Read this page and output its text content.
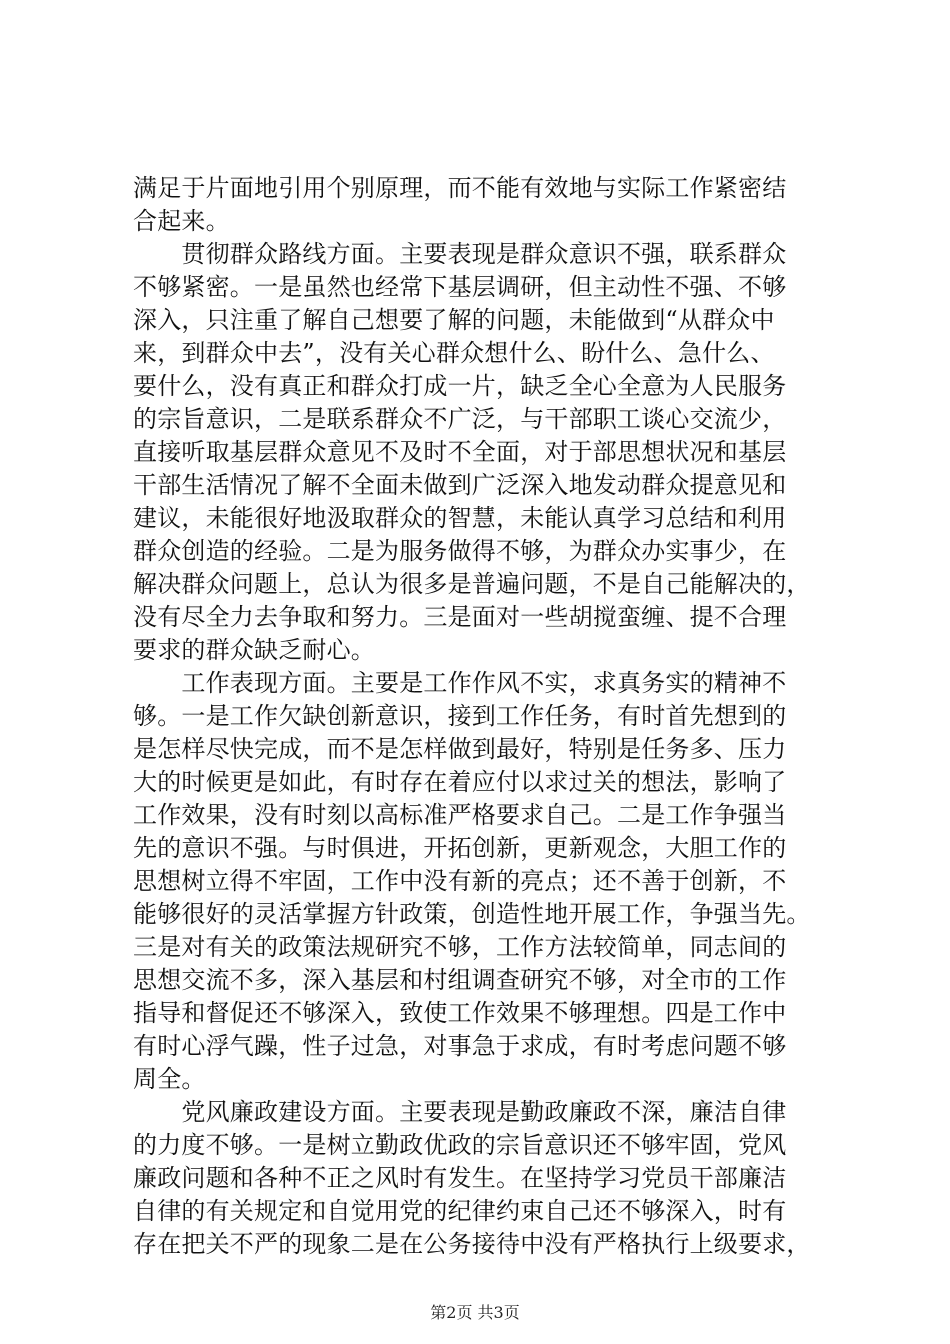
满足于片面地引用个别原理，而不能有效地与实际工作紧密结
合起来。
　　贯彻群众路线方面。主要表现是群众意识不强，联系群众
不够紧密。一是虽然也经常下基层调研，但主动性不强、不够
深入，只注重了解自己想要了解的问题，未能做到“从群众中
来，到群众中去”，没有关心群众想什么、盼什么、急什么、
要什么，没有真正和群众打成一片，缺乏全心全意为人民服务
的宗旨意识，二是联系群众不广泛，与干部职工谈心交流少，
直接听取基层群众意见不及时不全面，对于部思想状况和基层
干部生活情况了解不全面未做到广泛深入地发动群众提意见和
建议，未能很好地汲取群众的智慧，未能认真学习总结和利用
群众创造的经验。二是为服务做得不够，为群众办实事少，在
解决群众问题上，总认为很多是普遍问题，不是自己能解决的，
没有尽全力去争取和努力。三是面对一些胡搅蛮缠、提不合理
要求的群众缺乏耐心。
　　工作表现方面。主要是工作作风不实，求真务实的精神不
够。一是工作欠缺创新意识，接到工作任务，有时首先想到的
是怎样尽快完成，而不是怎样做到最好，特别是任务多、压力
大的时候更是如此，有时存在着应付以求过关的想法，影响了
工作效果，没有时刻以高标准严格要求自己。二是工作争强当
先的意识不强。与时俱进，开拓创新，更新观念，大胆工作的
思想树立得不牢固，工作中没有新的亮点；还不善于创新，不
能够很好的灵活掌握方针政策，创造性地开展工作，争强当先。
三是对有关的政策法规研究不够，工作方法较简单，同志间的
思想交流不多，深入基层和村组调查研究不够，对全市的工作
指导和督促还不够深入，致使工作效果不够理想。四是工作中
有时心浮气躁，性子过急，对事急于求成，有时考虑问题不够
周全。
　　党风廉政建设方面。主要表现是勤政廉政不深，廉洁自律
的力度不够。一是树立勤政优政的宗旨意识还不够牢固，党风
廉政问题和各种不正之风时有发生。在坚持学习党员干部廉洁
自律的有关规定和自觉用党的纪律约束自己还不够深入，时有
存在把关不严的现象二是在公务接待中没有严格执行上级要求，
第2页 共3页
